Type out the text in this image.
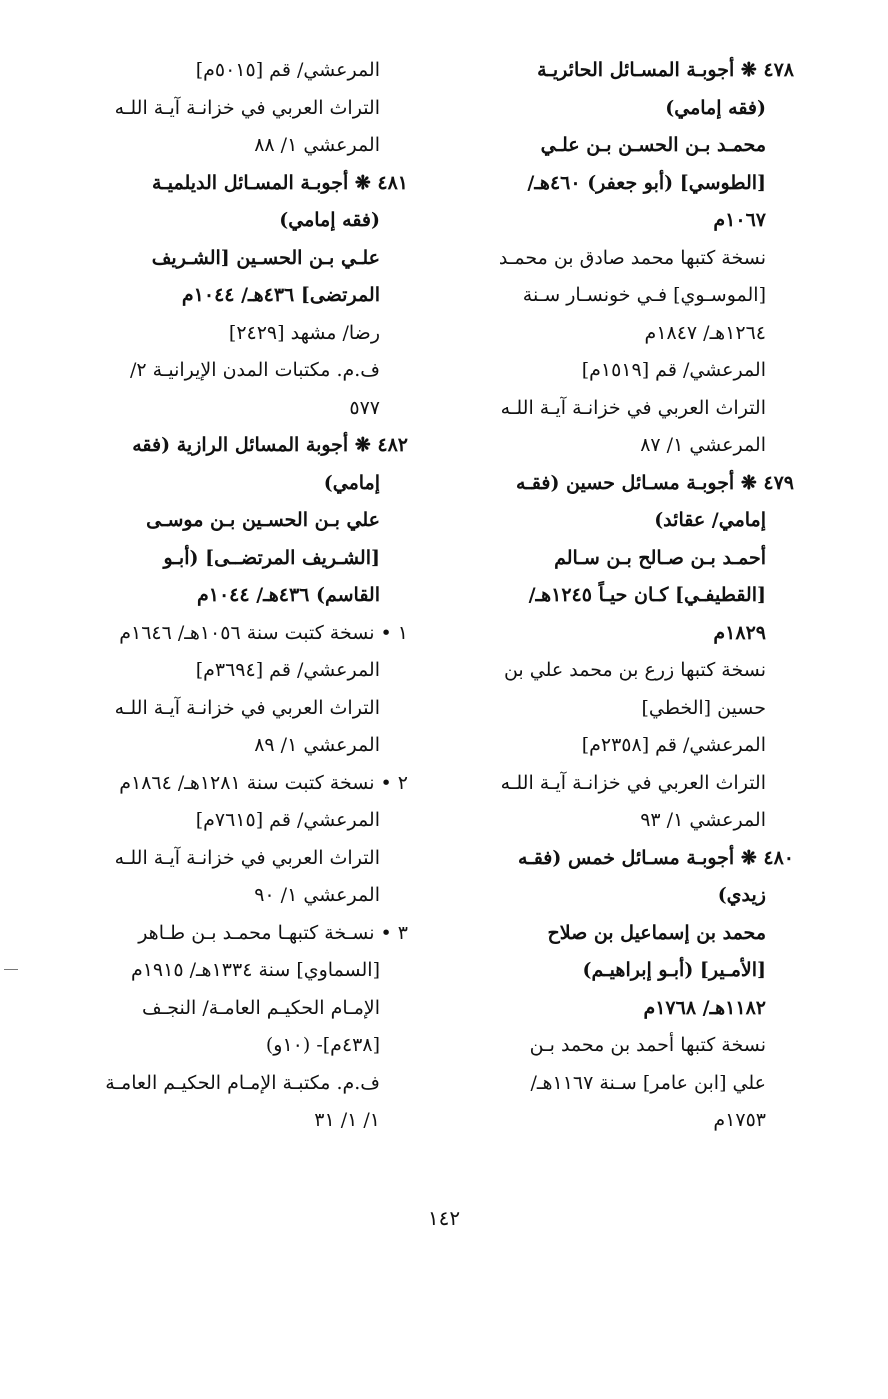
٤٧٨ ❋ أجوبـة المسـائل الحائريـة
(فقه إمامي)
محمـد بـن الحسـن بـن علـي
[الطوسي] (أبو جعفر) ٤٦٠هـ/
١٠٦٧م
نسخة كتبها محمد صادق بن محمـد
[الموسـوي] فـي خونسـار سـنة
١٢٦٤هـ/ ١٨٤٧م
المرعشي/ قم [١٥١٩م]
التراث العربي في خزانـة آيـة اللـه
المرعشي ١/ ٨٧
٤٧٩ ❋ أجوبـة مسـائل حسين (فقـه
إمامي/ عقائد)
أحمـد بـن صـالح بـن سـالم
[القطيفـي] كـان حيـاً ١٢٤٥هـ/
١٨٢٩م
نسخة كتبها زرع بن محمد علي بن
حسين [الخطي]
المرعشي/ قم [٢٣٥٨م]
التراث العربي في خزانـة آيـة اللـه
المرعشي ١/ ٩٣
٤٨٠ ❋ أجوبـة مسـائل خمس (فقـه
زيدي)
محمد بن إسماعيل بن صلاح
[الأمـير] (أبـو إبراهيـم)
١١٨٢هـ/ ١٧٦٨م
نسخة كتبها أحمد بن محمد بـن
علي [ابن عامر] سـنة ١١٦٧هـ/
١٧٥٣م
المرعشي/ قم [٥٠١٥م]
التراث العربي في خزانـة آيـة اللـه
المرعشي ١/ ٨٨
٤٨١ ❋ أجوبـة المسـائل الديلميـة
(فقه إمامي)
علـي بـن الحسـين [الشـريف
المرتضى] ٤٣٦هـ/ ١٠٤٤م
رضا/ مشهد [٢٤٢٩]
ف.م. مكتبات المدن الإيرانيـة ٢/
٥٧٧
٤٨٢ ❋ أجوبة المسائل الرازية (فقه
إمامي)
علي بـن الحسـين بـن موسـى
[الشـريف المرتضــى] (أبـو
القاسم) ٤٣٦هـ/ ١٠٤٤م
١ • نسخة كتبت سنة ١٠٥٦هـ/ ١٦٤٦م
المرعشي/ قم [٣٦٩٤م]
التراث العربي في خزانـة آيـة اللـه
المرعشي ١/ ٨٩
٢ • نسخة كتبت سنة ١٢٨١هـ/ ١٨٦٤م
المرعشي/ قم [٧٦١٥م]
التراث العربي في خزانـة آيـة اللـه
المرعشي ١/ ٩٠
٣ • نسـخة كتبهـا محمـد بـن طـاهر
[السماوي] سنة ١٣٣٤هـ/ ١٩١٥م
الإمـام الحكيـم العامـة/ النجـف
[٤٣٨م]- (١٠و)
ف.م. مكتبـة الإمـام الحكيـم العامـة
١/ ١/ ٣١
١٤٢
